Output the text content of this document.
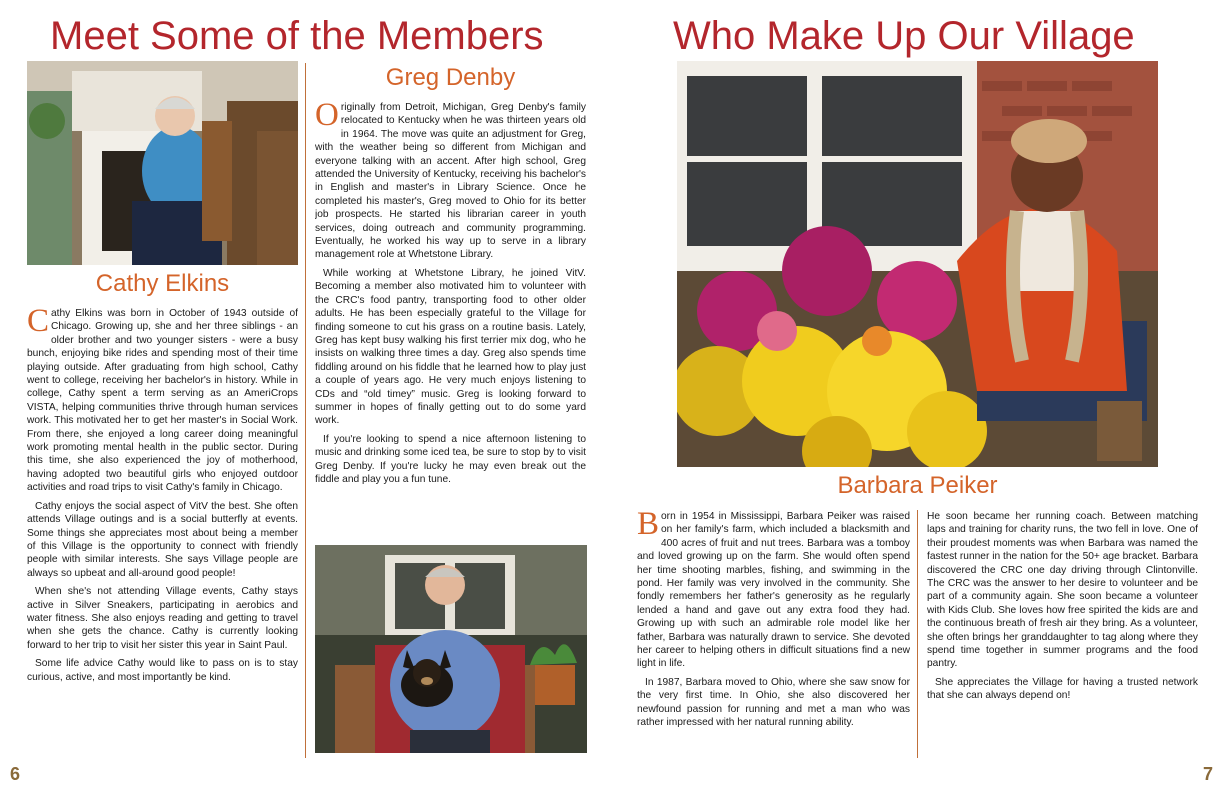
Meet Some of the Members	Who Make Up Our Village
Cathy Elkins

Cathy Elkins was born in October of 1943 outside of Chicago. Growing up, she and her three siblings - an older brother and two younger sisters - were a busy bunch, enjoying bike rides and spending most of their time playing outside. After graduating from high school, Cathy went to college, receiving her bachelor's in history. While in college, Cathy spent a term serving as an AmeriCrops VISTA, helping communities thrive through human services work. This motivated her to get her master's in Social Work. From there, she enjoyed a long career doing meaningful work promoting mental health in the public sector. During this time, she also experienced the joy of motherhood, having adopted two beautiful girls who enjoyed outdoor activities and road trips to visit Cathy's family in Chicago.

Cathy enjoys the social aspect of VitV the best. She often attends Village outings and is a social butterfly at events. Some things she appreciates most about being a member of this Village is the opportunity to connect with friendly people with similar interests. She says Village people are always so upbeat and all-around good people!

When she's not attending Village events, Cathy stays active in Silver Sneakers, participating in aerobics and water fitness. She also enjoys reading and getting to travel when she gets the chance. Cathy is currently looking forward to her trip to visit her sister this year in Saint Paul.

Some life advice Cathy would like to pass on is to stay curious, active, and most importantly be kind.

Greg Denby

Originally from Detroit, Michigan, Greg Denby's family relocated to Kentucky when he was thirteen years old in 1964. The move was quite an adjustment for Greg, with the weather being so different from Michigan and everyone talking with an accent. After high school, Greg attended the University of Kentucky, receiving his bachelor's in English and master's in Library Science. Once he completed his master's, Greg moved to Ohio for its better job prospects. He started his librarian career in youth services, doing outreach and community programming. Eventually, he worked his way up to serve in a library management role at Whetstone Library.

While working at Whetstone Library, he joined VitV. Becoming a member also motivated him to volunteer with the CRC's food pantry, transporting food to other older adults. He has been especially grateful to the Village for finding someone to cut his grass on a routine basis. Lately, Greg has kept busy walking his first terrier mix dog, who he insists on walking three times a day. Greg also spends time fiddling around on his fiddle that he learned how to play just a couple of years ago. He very much enjoys listening to CDs and “old timey” music. Greg is looking forward to summer in hopes of finally getting out to do some yard work.

If you're looking to spend a nice afternoon listening to music and drinking some iced tea, be sure to stop by to visit Greg Denby. If you're lucky he may even break out the fiddle and play you a fun tune.

6	7
Barbara Peiker

Born in 1954 in Mississippi, Barbara Peiker was raised on her family's farm, which included a blacksmith and 400 acres of fruit and nut trees. Barbara was a tomboy and loved growing up on the farm. She would often spend her time shooting marbles, fishing, and swimming in the pond. Her family was very involved in the community. She fondly remembers her father's generosity as he regularly lended a hand and gave out any extra food they had. Growing up with such an admirable role model like her father, Barbara was naturally drawn to service. She devoted her career to helping others in difficult situations find a new light in life.

In 1987, Barbara moved to Ohio, where she saw snow for the very first time. In Ohio, she also discovered her newfound passion for running and met a man who was rather impressed with her natural running ability.

He soon became her running coach. Between matching laps and training for charity runs, the two fell in love. One of their proudest moments was when Barbara was named the fastest runner in the nation for the 50+ age bracket. Barbara discovered the CRC one day driving through Clintonville. The CRC was the answer to her desire to volunteer and be part of a community again. She soon became a volunteer with Kids Club. She loves how free spirited the kids are and the continuous breath of fresh air they bring. As a volunteer, she often brings her granddaughter to tag along where they spend time together in summer programs and the food pantry.

She appreciates the Village for having a trusted network that she can always depend on!
